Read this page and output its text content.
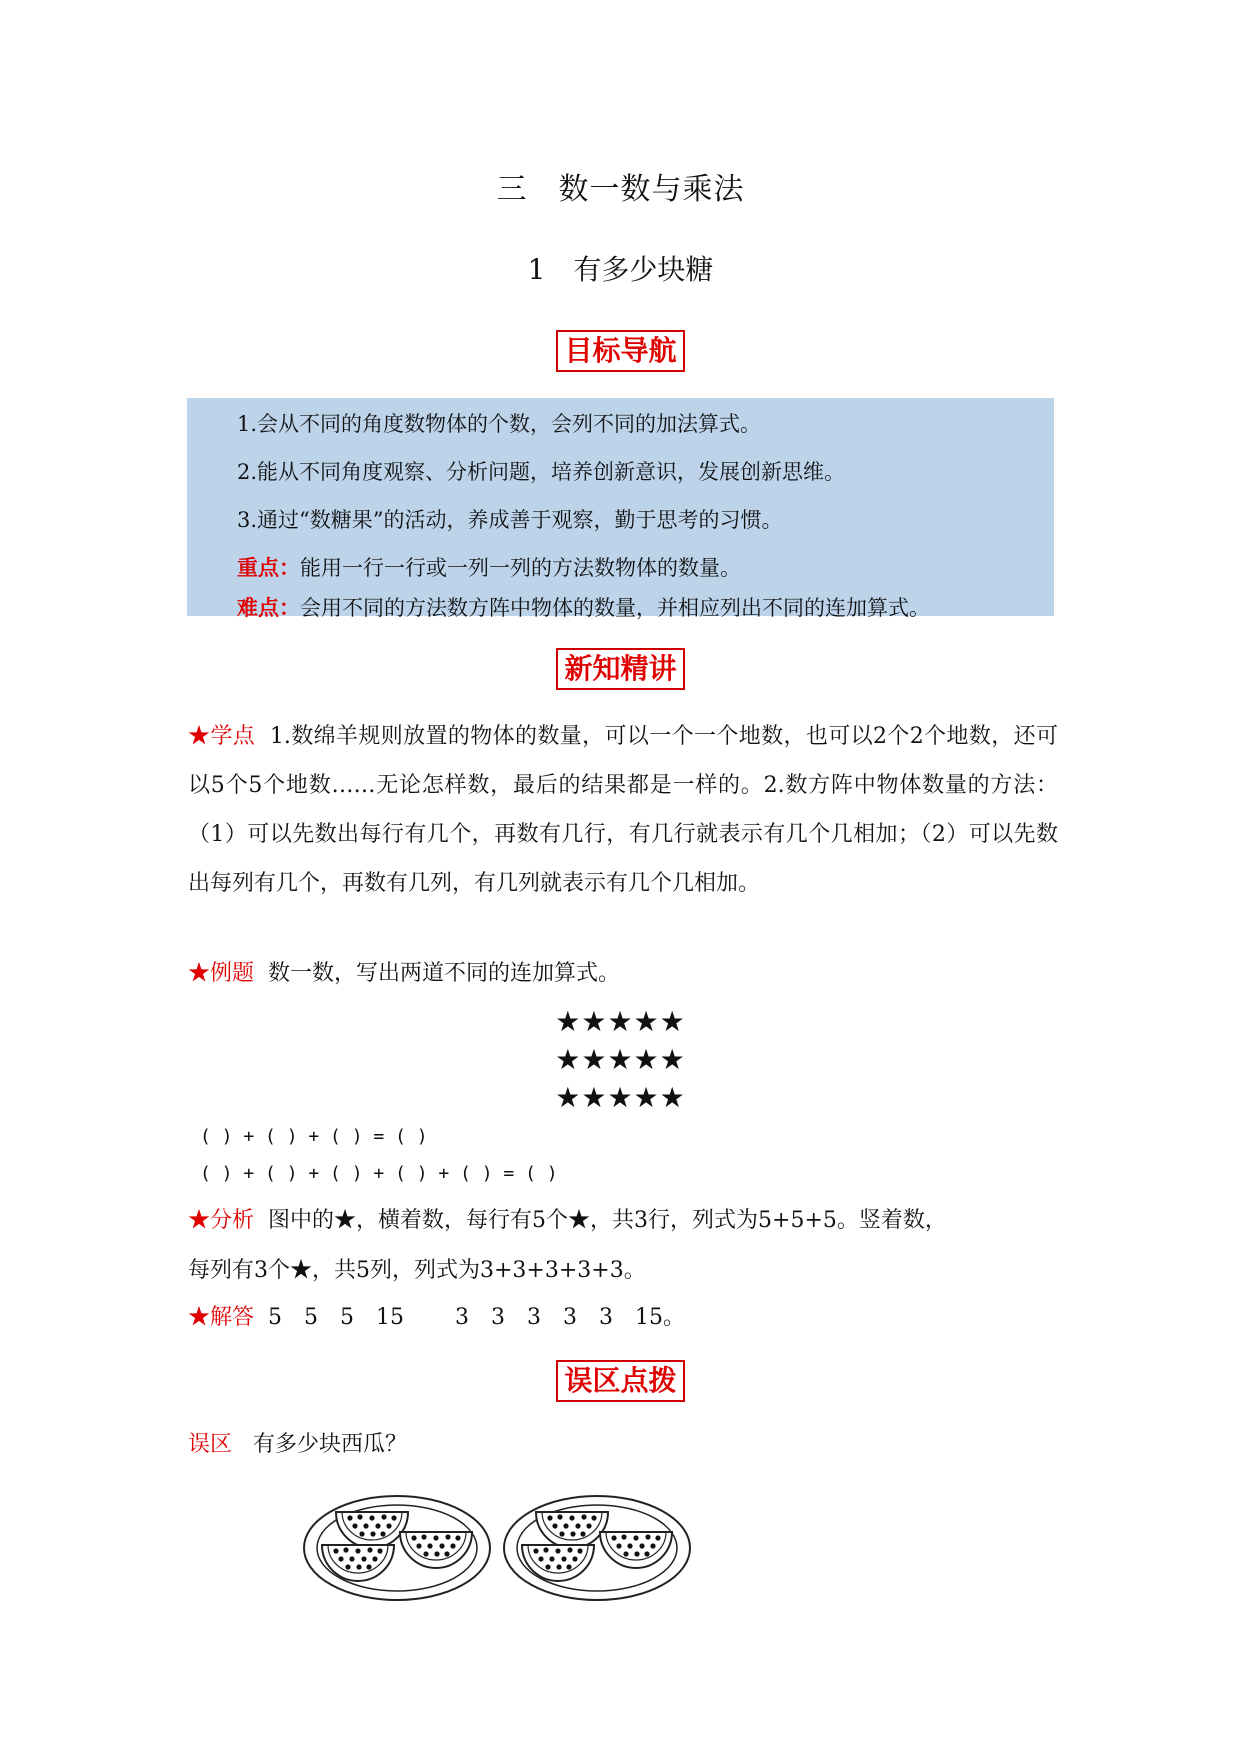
三　数一数与乘法
1　有多少块糖
目标导航
1.会从不同的角度数物体的个数，会列不同的加法算式。
2.能从不同角度观察、分析问题，培养创新意识，发展创新思维。
3.通过“数糖果”的活动，养成善于观察，勤于思考的习惯。
重点：能用一行一行或一列一列的方法数物体的数量。
难点：会用不同的方法数方阵中物体的数量，并相应列出不同的连加算式。
新知精讲
★学点 1.数绵羊规则放置的物体的数量，可以一个一个地数，也可以2个2个地数，还可以5个5个地数……无论怎样数，最后的结果都是一样的。2.数方阵中物体数量的方法：（1）可以先数出每行有几个，再数有几行，有几行就表示有几个几相加；（2）可以先数出每列有几个，再数有几列，有几列就表示有几个几相加。
★例题 数一数，写出两道不同的连加算式。
★★★★★
★★★★★
★★★★★
( ) + ( ) + ( ) = ( )
( ) + ( ) + ( ) + ( ) + ( ) = ( )
★分析 图中的★，横着数，每行有5个★，共3行，列式为5+5+5。竖着数，
每列有3个★，共5列，列式为3+3+3+3+3。
★解答 5　5　5　15　　 3　3　3　3　3　15。
误区点拨
误区 有多少块西瓜？
